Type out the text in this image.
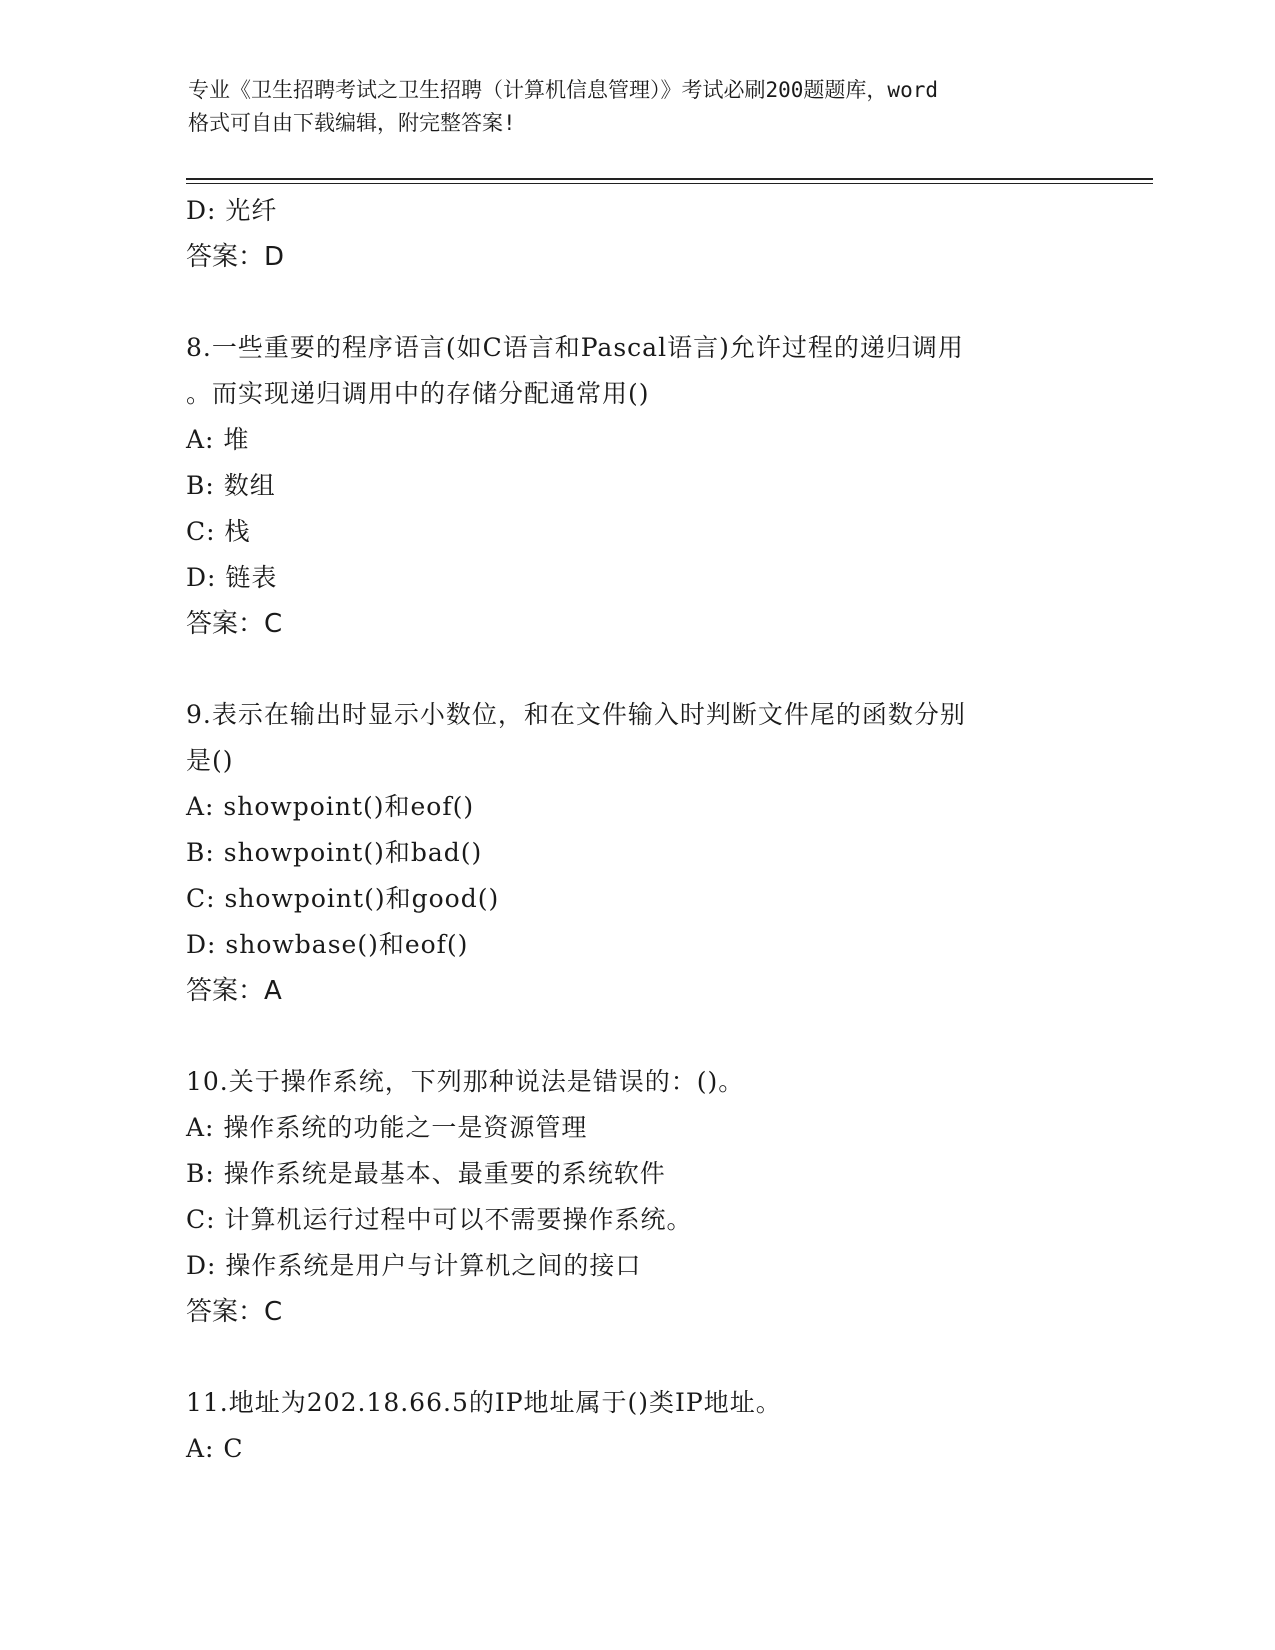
专业《卫生招聘考试之卫生招聘（计算机信息管理）》考试必刷200题题库，word
格式可自由下载编辑，附完整答案!
D: 光纤
答案：D
8.一些重要的程序语言(如C语言和Pascal语言)允许过程的递归调用
。而实现递归调用中的存储分配通常用()
A: 堆
B: 数组
C: 栈
D: 链表
答案：C
9.表示在输出时显示小数位，和在文件输入时判断文件尾的函数分别
是()
A: showpoint()和eof()
B: showpoint()和bad()
C: showpoint()和good()
D: showbase()和eof()
答案：A
10.关于操作系统，下列那种说法是错误的：()。
A: 操作系统的功能之一是资源管理
B: 操作系统是最基本、最重要的系统软件
C: 计算机运行过程中可以不需要操作系统。
D: 操作系统是用户与计算机之间的接口
答案：C
11.地址为202.18.66.5的IP地址属于()类IP地址。
A: C
